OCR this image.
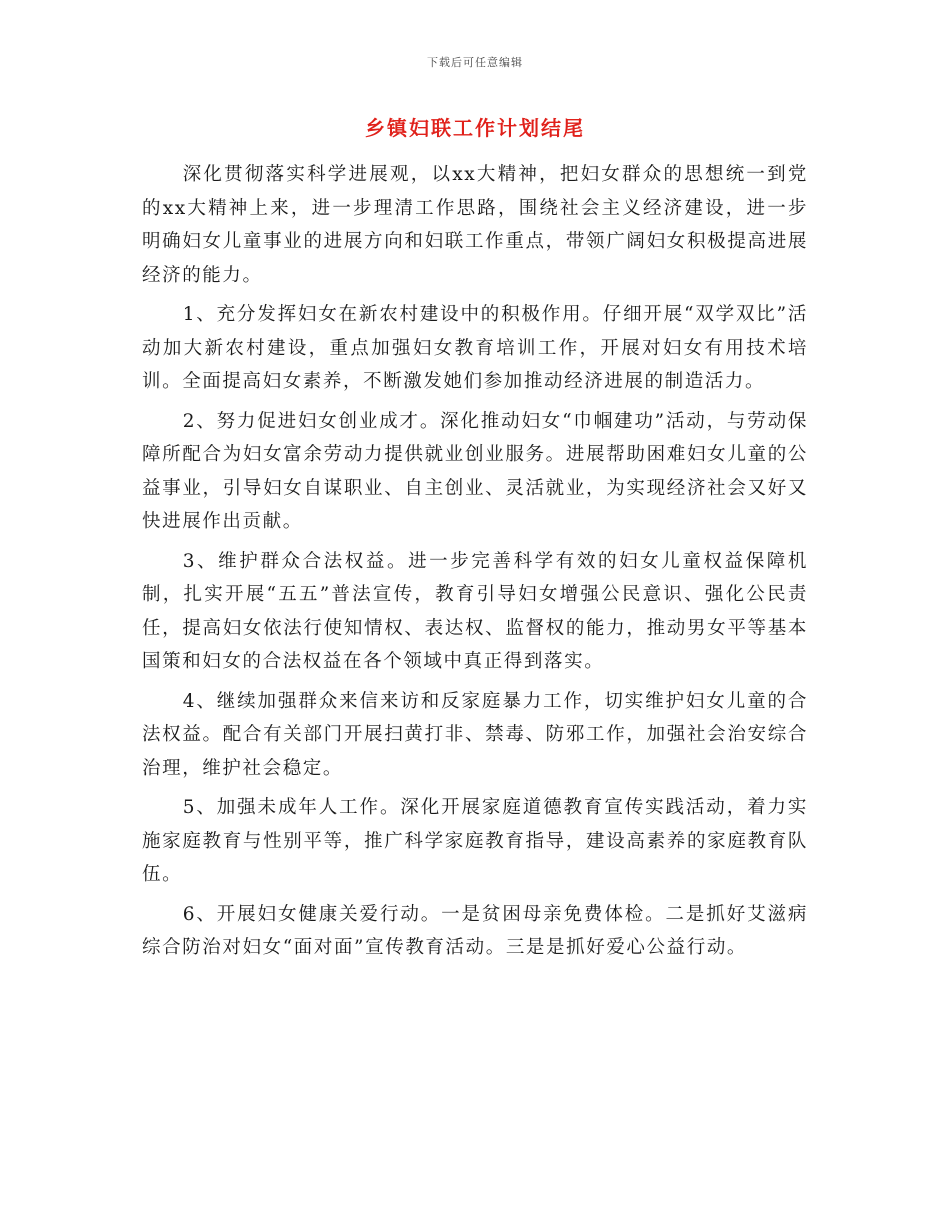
下载后可任意编辑
乡镇妇联工作计划结尾

深化贯彻落实科学进展观，以xx大精神，把妇女群众的思想统一到党的xx大精神上来，进一步理清工作思路，围绕社会主义经济建设，进一步明确妇女儿童事业的进展方向和妇联工作重点，带领广阔妇女积极提高进展经济的能力。

1、充分发挥妇女在新农村建设中的积极作用。仔细开展“双学双比”活动加大新农村建设，重点加强妇女教育培训工作，开展对妇女有用技术培训。全面提高妇女素养，不断激发她们参加推动经济进展的制造活力。

2、努力促进妇女创业成才。深化推动妇女“巾帼建功”活动，与劳动保障所配合为妇女富余劳动力提供就业创业服务。进展帮助困难妇女儿童的公益事业，引导妇女自谋职业、自主创业、灵活就业，为实现经济社会又好又快进展作出贡献。

3、维护群众合法权益。进一步完善科学有效的妇女儿童权益保障机制，扎实开展“五五”普法宣传，教育引导妇女增强公民意识、强化公民责任，提高妇女依法行使知情权、表达权、监督权的能力，推动男女平等基本国策和妇女的合法权益在各个领域中真正得到落实。

4、继续加强群众来信来访和反家庭暴力工作，切实维护妇女儿童的合法权益。配合有关部门开展扫黄打非、禁毒、防邪工作，加强社会治安综合治理，维护社会稳定。

5、加强未成年人工作。深化开展家庭道德教育宣传实践活动，着力实施家庭教育与性别平等，推广科学家庭教育指导，建设高素养的家庭教育队伍。

6、开展妇女健康关爱行动。一是贫困母亲免费体检。二是抓好艾滋病综合防治对妇女“面对面”宣传教育活动。三是是抓好爱心公益行动。
